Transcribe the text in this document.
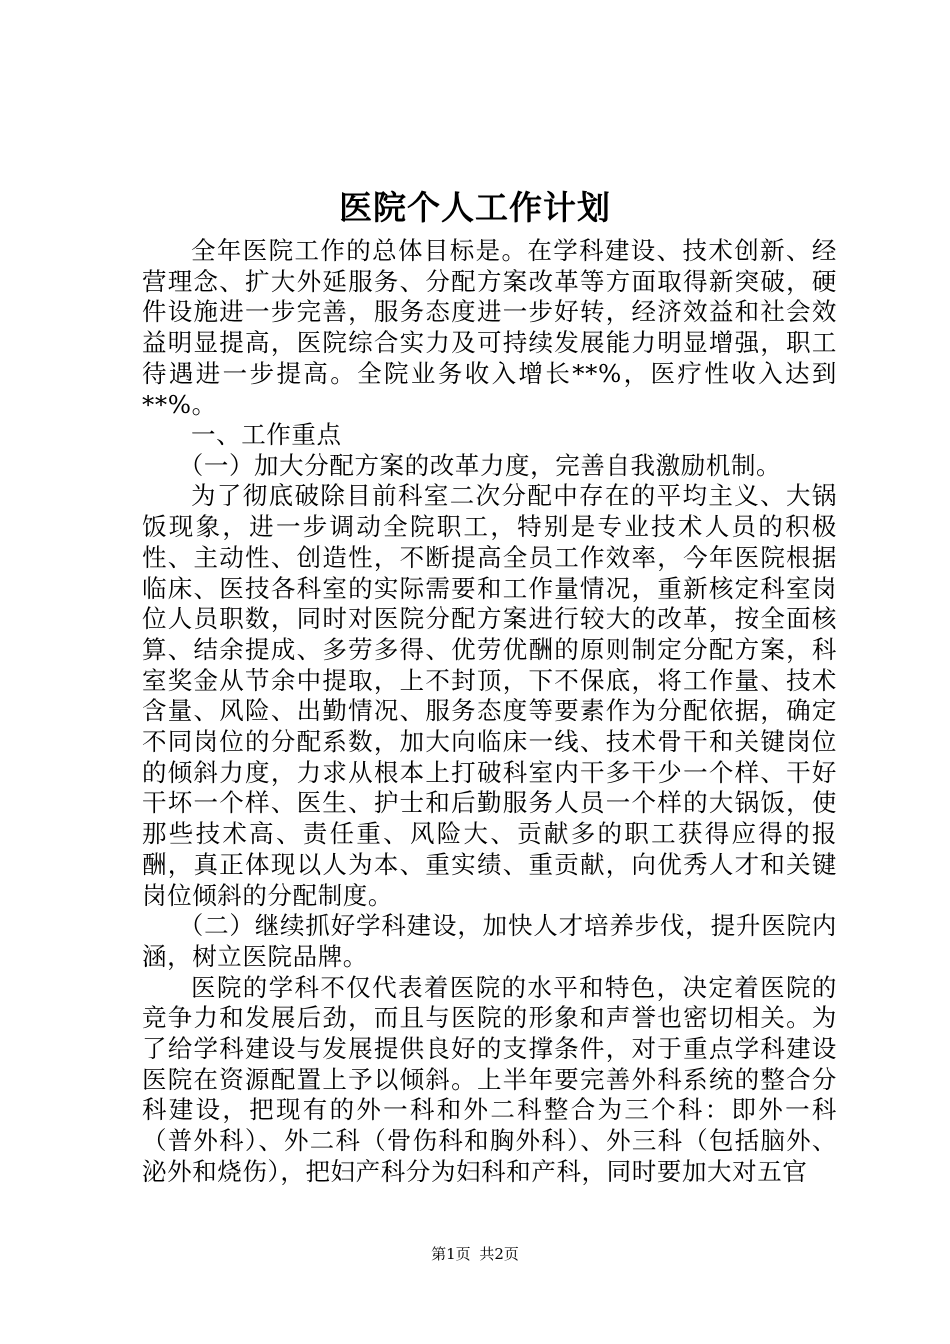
医院个人工作计划

全年医院工作的总体目标是。在学科建设、技术创新、经营理念、扩大外延服务、分配方案改革等方面取得新突破，硬件设施进一步完善，服务态度进一步好转，经济效益和社会效益明显提高，医院综合实力及可持续发展能力明显增强，职工待遇进一步提高。全院业务收入增长**%，医疗性收入达到**%。

一、工作重点

（一）加大分配方案的改革力度，完善自我激励机制。

为了彻底破除目前科室二次分配中存在的平均主义、大锅饭现象，进一步调动全院职工，特别是专业技术人员的积极性、主动性、创造性，不断提高全员工作效率，今年医院根据临床、医技各科室的实际需要和工作量情况，重新核定科室岗位人员职数，同时对医院分配方案进行较大的改革，按全面核算、结余提成、多劳多得、优劳优酬的原则制定分配方案，科室奖金从节余中提取，上不封顶，下不保底，将工作量、技术含量、风险、出勤情况、服务态度等要素作为分配依据，确定不同岗位的分配系数，加大向临床一线、技术骨干和关键岗位的倾斜力度，力求从根本上打破科室内干多干少一个样、干好干坏一个样、医生、护士和后勤服务人员一个样的大锅饭，使那些技术高、责任重、风险大、贡献多的职工获得应得的报酬，真正体现以人为本、重实绩、重贡献，向优秀人才和关键岗位倾斜的分配制度。

（二）继续抓好学科建设，加快人才培养步伐，提升医院内涵，树立医院品牌。

医院的学科不仅代表着医院的水平和特色，决定着医院的竞争力和发展后劲，而且与医院的形象和声誉也密切相关。为了给学科建设与发展提供良好的支撑条件，对于重点学科建设医院在资源配置上予以倾斜。上半年要完善外科系统的整合分科建设，把现有的外一科和外二科整合为三个科：即外一科（普外科）、外二科（骨伤科和胸外科）、外三科（包括脑外、泌外和烧伤），把妇产科分为妇科和产科，同时要加大对五官

第1页 共2页
